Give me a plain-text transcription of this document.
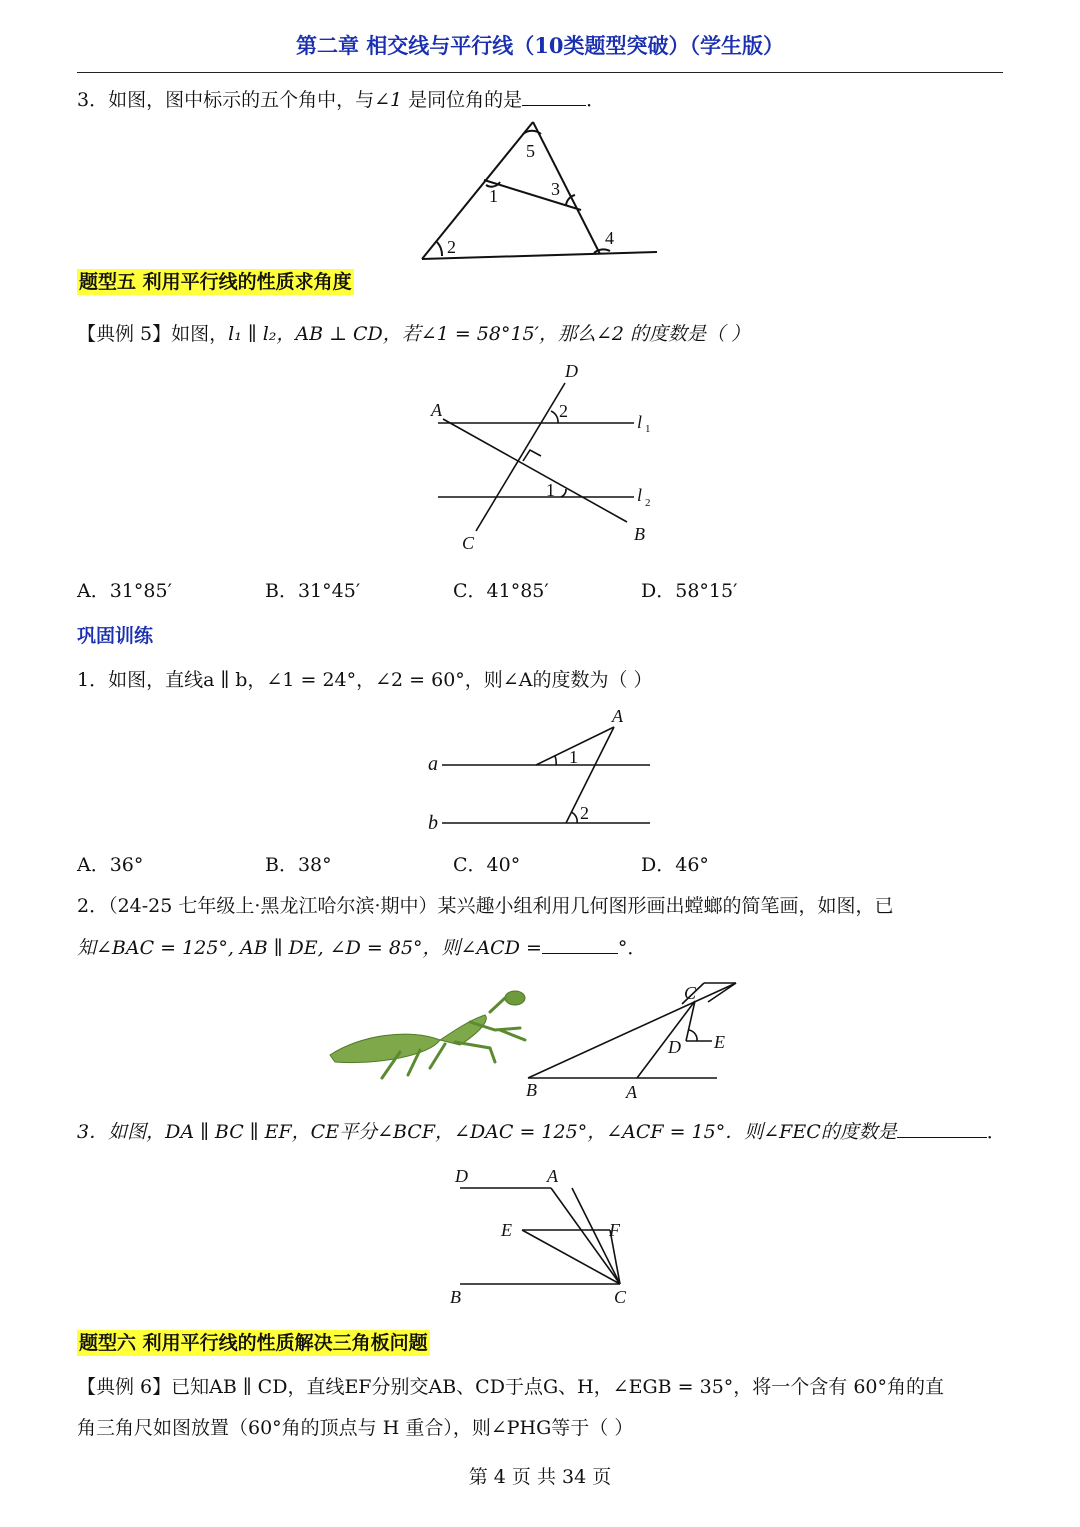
第二章 相交线与平行线（10类题型突破）（学生版）
3．如图，图中标示的五个角中，与∠1 是同位角的是	．
5
1	3
2	4
题型五 利用平行线的性质求角度
【典例 5】如图，l₁ ∥ l₂，AB ⊥ CD，若∠1 = 58°15′，那么∠2 的度数是（ ）
D
A	2
l 1
l 2
1
C	B
A．31°85′	B．31°45′	C．41°85′	D．58°15′
巩固训练
1．如图，直线a ∥ b，∠1 = 24°，∠2 = 60°，则∠A的度数为（ ）
A
1
a
b	2
A．36°	B．38°	C．40°	D．46°
2．（24-25 七年级上·黑龙江哈尔滨·期中）某兴趣小组利用几何图形画出螳螂的简笔画，如图，已
知∠BAC = 125°, AB ∥ DE, ∠D = 85°，则∠ACD =	°．
C
D E
B	A
3．如图，DA ∥ BC ∥ EF，CE平分∠BCF，∠DAC = 125°，∠ACF = 15°．则∠FEC的度数是	．
D	A
E	F
B	C
题型六 利用平行线的性质解决三角板问题
【典例 6】已知AB ∥ CD，直线EF分别交AB、CD于点G、H，∠EGB = 35°，将一个含有 60°角的直
角三角尺如图放置（60°角的顶点与 H 重合），则∠PHG等于（ ）
第 4 页 共 34 页
